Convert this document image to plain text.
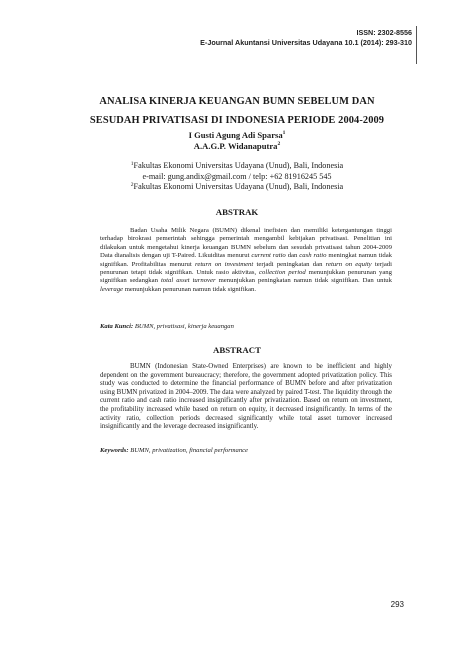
ISSN: 2302-8556
E-Journal Akuntansi Universitas Udayana 10.1 (2014): 293-310
ANALISA KINERJA KEUANGAN BUMN SEBELUM DAN
SESUDAH PRIVATISASI DI INDONESIA PERIODE 2004-2009
I Gusti Agung Adi Sparsa$^1$
A.A.G.P. Widanaputra$^2$
$^1$Fakultas Ekonomi Universitas Udayana (Unud), Bali, Indonesia
e-mail: gung.andix@gmail.com / telp: +62 81916245 545
$^2$Fakultas Ekonomi Universitas Udayana (Unud), Bali, Indonesia
ABSTRAK
Badan Usaha Milik Negara (BUMN) dikenal inefisien dan memiliki ketergantungan tinggi terhadap birokrasi pemerintah sehingga pemerintah mengambil kebijakan privatisasi. Penelitian ini dilakukan untuk mengetahui kinerja keuangan BUMN sebelum dan sesudah privatisasi tahun 2004-2009 Data dianalisis dengan uji T-Paired. Likuiditas menurut current ratio dan cash ratio meningkat namun tidak signifikan. Profitabilitas menurut return on investment terjadi peningkatan dan return on equity terjadi penurunan tetapi tidak signifikan. Untuk rasio aktivitas, collection period menunjukkan penurunan yang signifikan sedangkan total asset turnover menunjukkan peningkatan namun tidak signifikan. Dan untuk leverage menunjukkan penurunan namun tidak signifikan.
Kata Kunci: BUMN, privatisasi, kinerja keuangan
ABSTRACT
BUMN (Indonesian State-Owned Enterprises) are known to be inefficient and highly dependent on the government bureaucracy; therefore, the government adopted privatization policy. This study was conducted to determine the financial performance of BUMN before and after privatization using BUMN privatized in 2004–2009. The data were analyzed by paired T-test. The liquidity through the current ratio and cash ratio increased insignificantly after privatization. Based on return on investment, the profitability increased while based on return on equity, it decreased insignificantly. In terms of the activity ratio, collection periods decreased significantly while total asset turnover increased insignificantly and the leverage decreased insignificantly.
Keywords: BUMN, privatization, financial performance
293
